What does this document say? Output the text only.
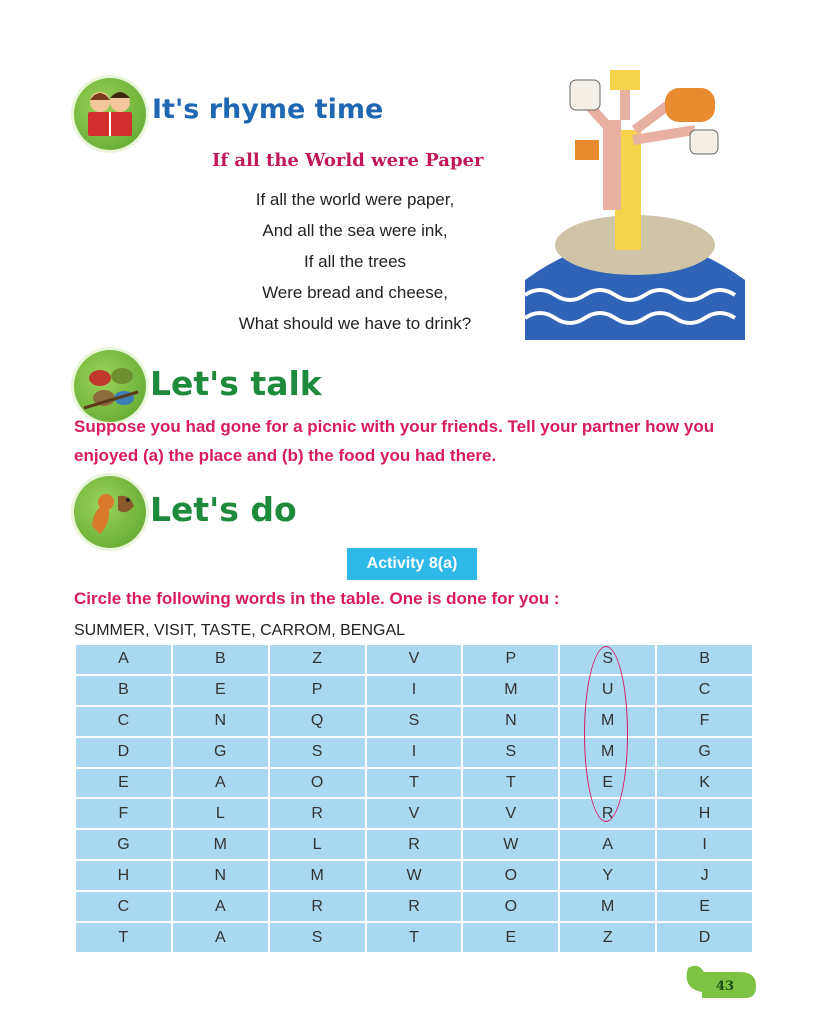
It's rhyme time
If all the World were Paper
If all the world were paper,
And all the sea were ink,
If all the trees
Were bread and cheese,
What should we have to drink?
Let's talk
Suppose you had gone for a picnic with your friends. Tell your partner how you enjoyed (a) the place and (b) the food you had there.
Let's do
Activity 8(a)
Circle the following words in the table. One is done for you :
SUMMER, VISIT, TASTE, CARROM, BENGAL
A	B	Z	V	P	S	B
B	E	P	I	M	U	C
C	N	Q	S	N	M	F
D	G	S	I	S	M	G
E	A	O	T	T	E	K
F	L	R	V	V	R	H
G	M	L	R	W	A	I
H	N	M	W	O	Y	J
C	A	R	R	O	M	E
T	A	S	T	E	Z	D
43
